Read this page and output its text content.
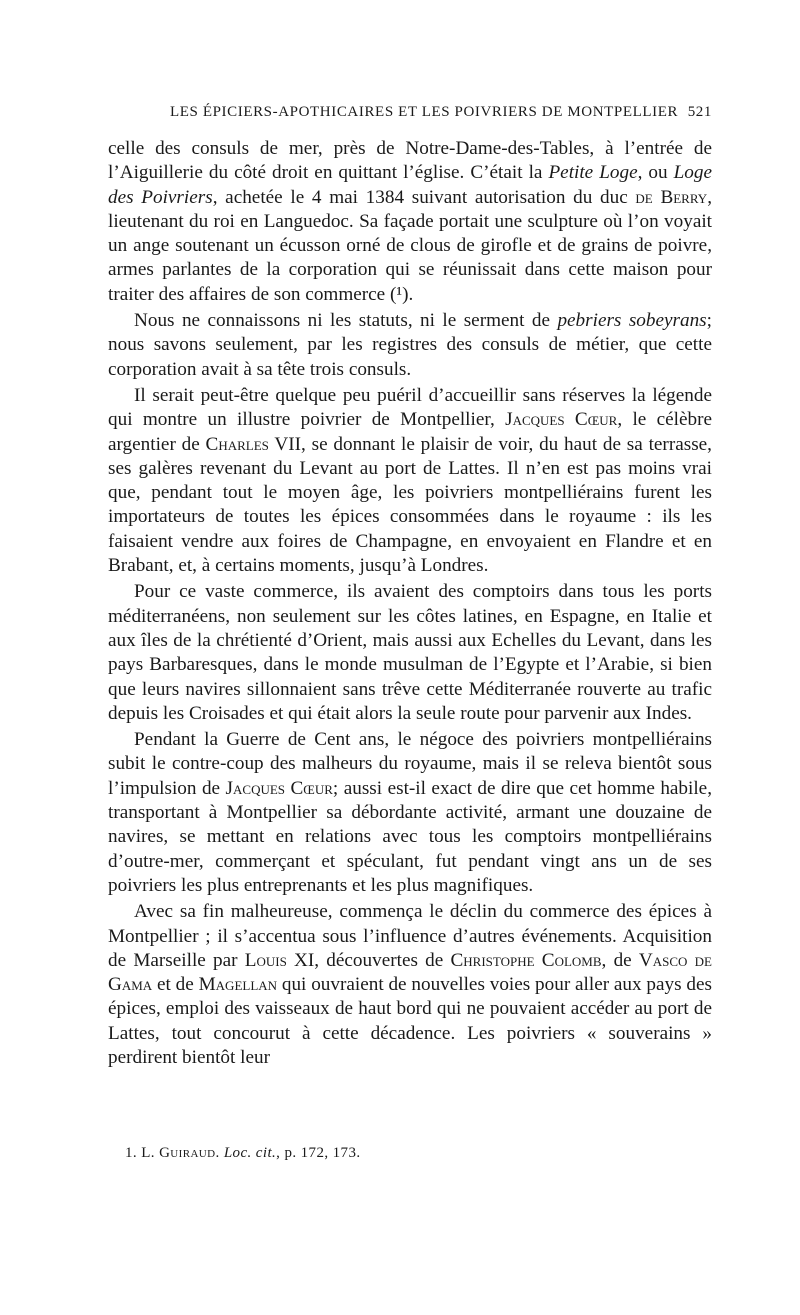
LES ÉPICIERS-APOTHICAIRES ET LES POIVRIERS DE MONTPELLIER 521

celle des consuls de mer, près de Notre-Dame-des-Tables, à l’entrée de l’Aiguillerie du côté droit en quittant l’église. C’était la Petite Loge, ou Loge des Poivriers, achetée le 4 mai 1384 suivant autorisation du duc de Berry, lieutenant du roi en Languedoc. Sa façade portait une sculpture où l’on voyait un ange soutenant un écusson orné de clous de girofle et de grains de poivre, armes parlantes de la corporation qui se réunissait dans cette maison pour traiter des affaires de son commerce (¹).

Nous ne connaissons ni les statuts, ni le serment de pebriers sobeyrans; nous savons seulement, par les registres des consuls de métier, que cette corporation avait à sa tête trois consuls.

Il serait peut-être quelque peu puéril d’accueillir sans réserves la légende qui montre un illustre poivrier de Montpellier, Jacques Cœur, le célèbre argentier de Charles VII, se donnant le plaisir de voir, du haut de sa terrasse, ses galères revenant du Levant au port de Lattes. Il n’en est pas moins vrai que, pendant tout le moyen âge, les poivriers montpelliérains furent les importateurs de toutes les épices consommées dans le royaume : ils les faisaient vendre aux foires de Champagne, en envoyaient en Flandre et en Brabant, et, à certains moments, jusqu’à Londres.

Pour ce vaste commerce, ils avaient des comptoirs dans tous les ports méditerranéens, non seulement sur les côtes latines, en Espagne, en Italie et aux îles de la chrétienté d’Orient, mais aussi aux Echelles du Levant, dans les pays Barbaresques, dans le monde musulman de l’Egypte et l’Arabie, si bien que leurs navires sillonnaient sans trêve cette Méditerranée rouverte au trafic depuis les Croisades et qui était alors la seule route pour parvenir aux Indes.

Pendant la Guerre de Cent ans, le négoce des poivriers montpelliérains subit le contre-coup des malheurs du royaume, mais il se releva bientôt sous l’impulsion de Jacques Cœur; aussi est-il exact de dire que cet homme habile, transportant à Montpellier sa débordante activité, armant une douzaine de navires, se mettant en relations avec tous les comptoirs montpelliérains d’outre-mer, commerçant et spéculant, fut pendant vingt ans un de ses poivriers les plus entreprenants et les plus magnifiques.

Avec sa fin malheureuse, commença le déclin du commerce des épices à Montpellier ; il s’accentua sous l’influence d’autres événements. Acquisition de Marseille par Louis XI, découvertes de Christophe Colomb, de Vasco de Gama et de Magellan qui ouvraient de nouvelles voies pour aller aux pays des épices, emploi des vaisseaux de haut bord qui ne pouvaient accéder au port de Lattes, tout concourut à cette décadence. Les poivriers « souverains » perdirent bientôt leur

1. L. Guiraud. Loc. cit., p. 172, 173.
